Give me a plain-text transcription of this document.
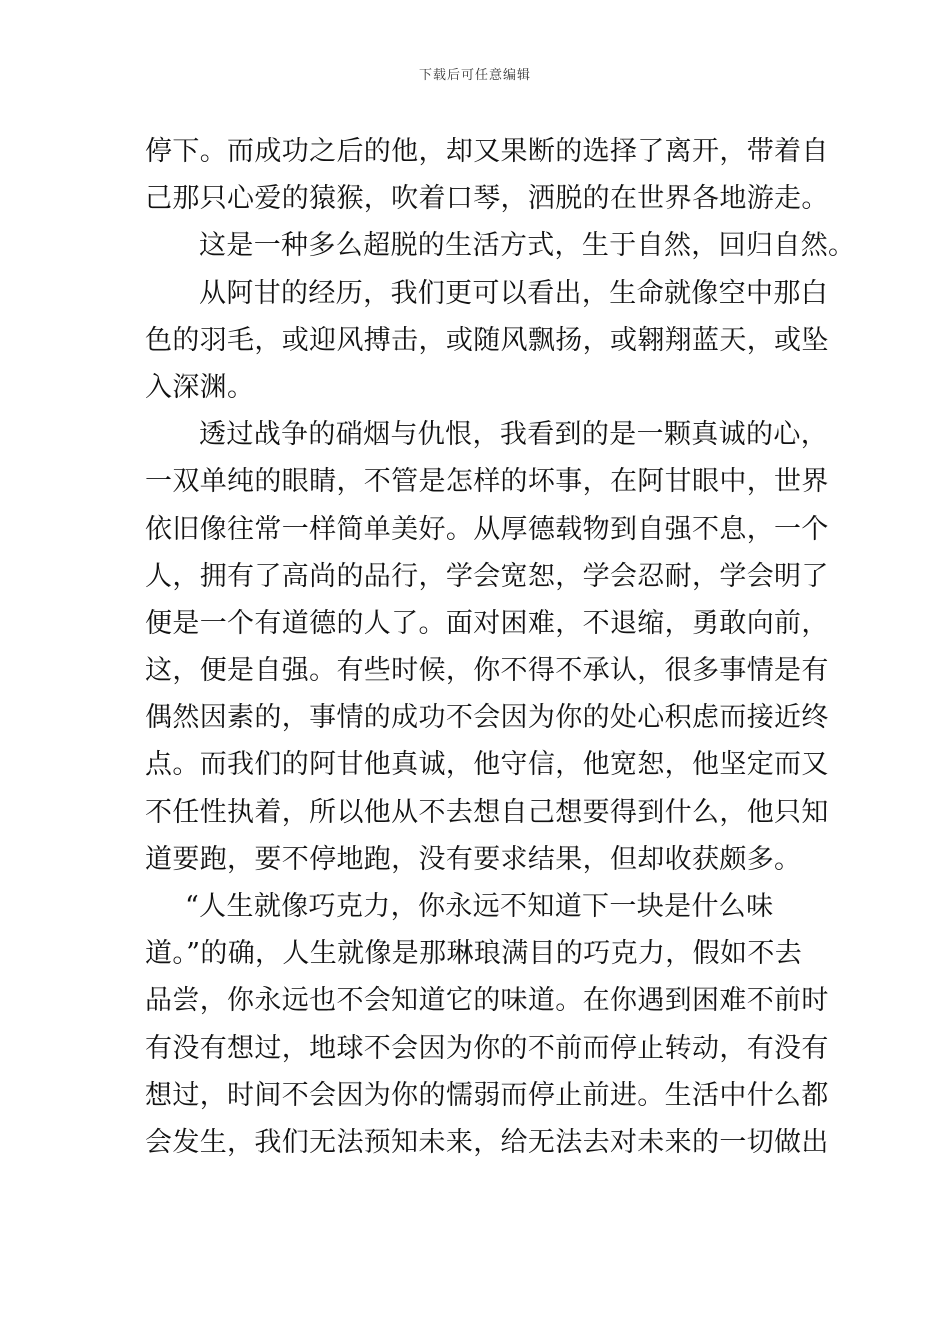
下载后可任意编辑
停下。而成功之后的他，却又果断的选择了离开，带着自
己那只心爱的猿猴，吹着口琴，洒脱的在世界各地游走。
这是一种多么超脱的生活方式，生于自然，回归自然。
从阿甘的经历，我们更可以看出，生命就像空中那白
色的羽毛，或迎风搏击，或随风飘扬，或翱翔蓝天，或坠
入深渊。
透过战争的硝烟与仇恨，我看到的是一颗真诚的心，
一双单纯的眼睛，不管是怎样的坏事，在阿甘眼中，世界
依旧像往常一样简单美好。从厚德载物到自强不息，一个
人，拥有了高尚的品行，学会宽恕，学会忍耐，学会明了
便是一个有道德的人了。面对困难，不退缩，勇敢向前，
这，便是自强。有些时候，你不得不承认，很多事情是有
偶然因素的，事情的成功不会因为你的处心积虑而接近终
点。而我们的阿甘他真诚，他守信，他宽恕，他坚定而又
不任性执着，所以他从不去想自己想要得到什么，他只知
道要跑，要不停地跑，没有要求结果，但却收获颇多。
“人生就像巧克力，你永远不知道下一块是什么味
道。”的确，人生就像是那琳琅满目的巧克力，假如不去
品尝，你永远也不会知道它的味道。在你遇到困难不前时
有没有想过，地球不会因为你的不前而停止转动，有没有
想过，时间不会因为你的懦弱而停止前进。生活中什么都
会发生，我们无法预知未来，给无法去对未来的一切做出
